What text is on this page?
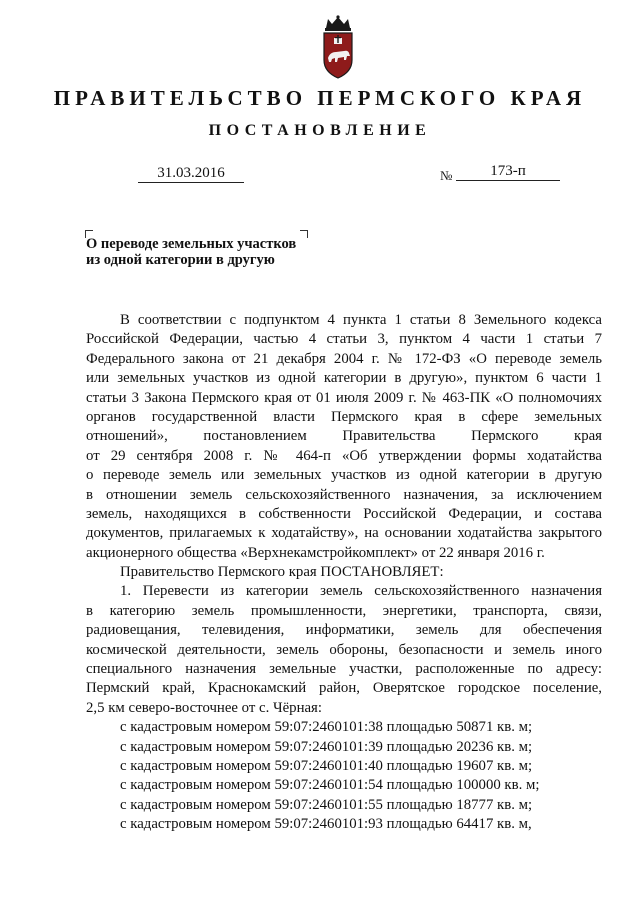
ПРАВИТЕЛЬСТВО ПЕРМСКОГО КРАЯ
ПОСТАНОВЛЕНИЕ
31.03.2016	№	173-п
О переводе земельных участков
из одной категории в другую
В соответствии с подпунктом 4 пункта 1 статьи 8 Земельного кодекса
Российской Федерации, частью 4 статьи 3, пунктом 4 части 1 статьи 7
Федерального закона от 21 декабря 2004 г. № 172-ФЗ «О переводе земель
или земельных участков из одной категории в другую», пунктом 6 части 1
статьи 3 Закона Пермского края от 01 июля 2009 г. № 463-ПК «О полномочиях
органов государственной власти Пермского края в сфере земельных
отношений», постановлением Правительства Пермского края
от 29 сентября 2008 г. № 464-п «Об утверждении формы ходатайства
о переводе земель или земельных участков из одной категории в другую
в отношении земель сельскохозяйственного назначения, за исключением
земель, находящихся в собственности Российской Федерации, и состава
документов, прилагаемых к ходатайству», на основании ходатайства закрытого
акционерного общества «Верхнекамстройкомплект» от 22 января 2016 г.
Правительство Пермского края ПОСТАНОВЛЯЕТ:
1. Перевести из категории земель сельскохозяйственного назначения
в категорию земель промышленности, энергетики, транспорта, связи,
радиовещания, телевидения, информатики, земель для обеспечения
космической деятельности, земель обороны, безопасности и земель иного
специального назначения земельные участки, расположенные по адресу:
Пермский край, Краснокамский район, Оверятское городское поселение,
2,5 км северо-восточнее от с. Чёрная:
с кадастровым номером 59:07:2460101:38 площадью 50871 кв. м;
с кадастровым номером 59:07:2460101:39 площадью 20236 кв. м;
с кадастровым номером 59:07:2460101:40 площадью 19607 кв. м;
с кадастровым номером 59:07:2460101:54 площадью 100000 кв. м;
с кадастровым номером 59:07:2460101:55 площадью 18777 кв. м;
с кадастровым номером 59:07:2460101:93 площадью 64417 кв. м,
